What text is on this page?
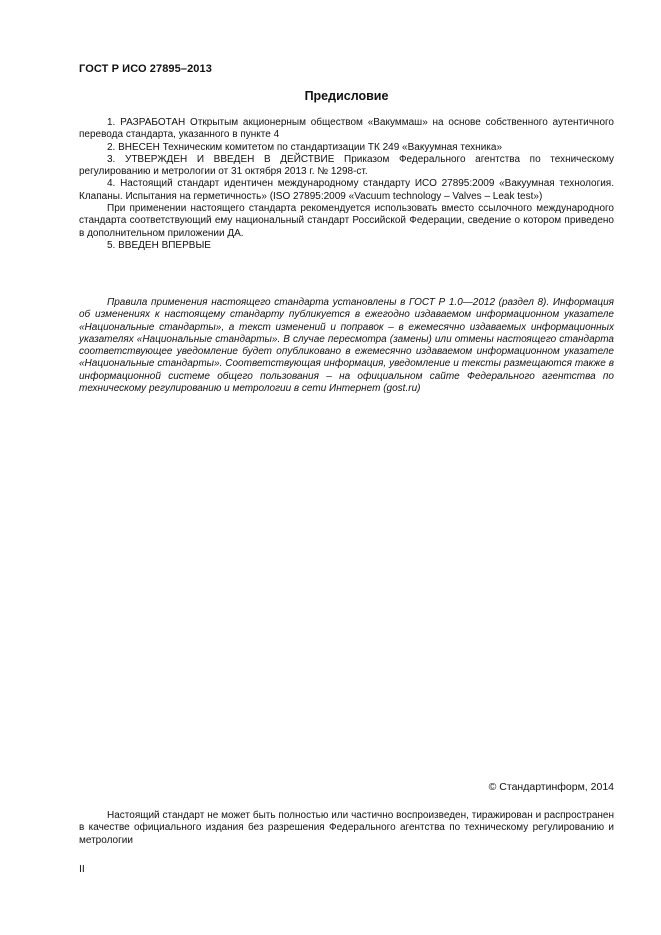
ГОСТ Р ИСО 27895–2013
Предисловие

1. РАЗРАБОТАН Открытым акционерным обществом «Вакуммаш» на основе собственного аутентичного перевода стандарта, указанного в пункте 4

2. ВНЕСЕН Техническим комитетом по стандартизации ТК 249 «Вакуумная техника»

3. УТВЕРЖДЕН И ВВЕДЕН В ДЕЙСТВИЕ Приказом Федерального агентства по техническому регулированию и метрологии от 31 октября 2013 г. № 1298-ст.

4. Настоящий стандарт идентичен международному стандарту ИСО 27895:2009 «Вакуумная технология. Клапаны. Испытания на герметичность» (ISO 27895:2009 «Vacuum technology – Valves – Leak test»)

При применении настоящего стандарта рекомендуется использовать вместо ссылочного международного стандарта соответствующий ему национальный стандарт Российской Федерации, сведение о котором приведено в дополнительном приложении ДА.

5. ВВЕДЕН ВПЕРВЫЕ

Правила применения настоящего стандарта установлены в ГОСТ Р 1.0—2012 (раздел 8). Информация об изменениях к настоящему стандарту публикуется в ежегодно издаваемом информационном указателе «Национальные стандарты», а текст изменений и поправок – в ежемесячно издаваемых информационных указателях «Национальные стандарты». В случае пересмотра (замены) или отмены настоящего стандарта соответствующее уведомление будет опубликовано в ежемесячно издаваемом информационном указателе «Национальные стандарты». Соответствующая информация, уведомление и тексты размещаются также в информационной системе общего пользования – на официальном сайте Федерального агентства по техническому регулированию и метрологии в сети Интернет (gost.ru)

© Стандартинформ, 2014

Настоящий стандарт не может быть полностью или частично воспроизведен, тиражирован и распространен в качестве официального издания без разрешения Федерального агентства по техническому регулированию и метрологии

II
